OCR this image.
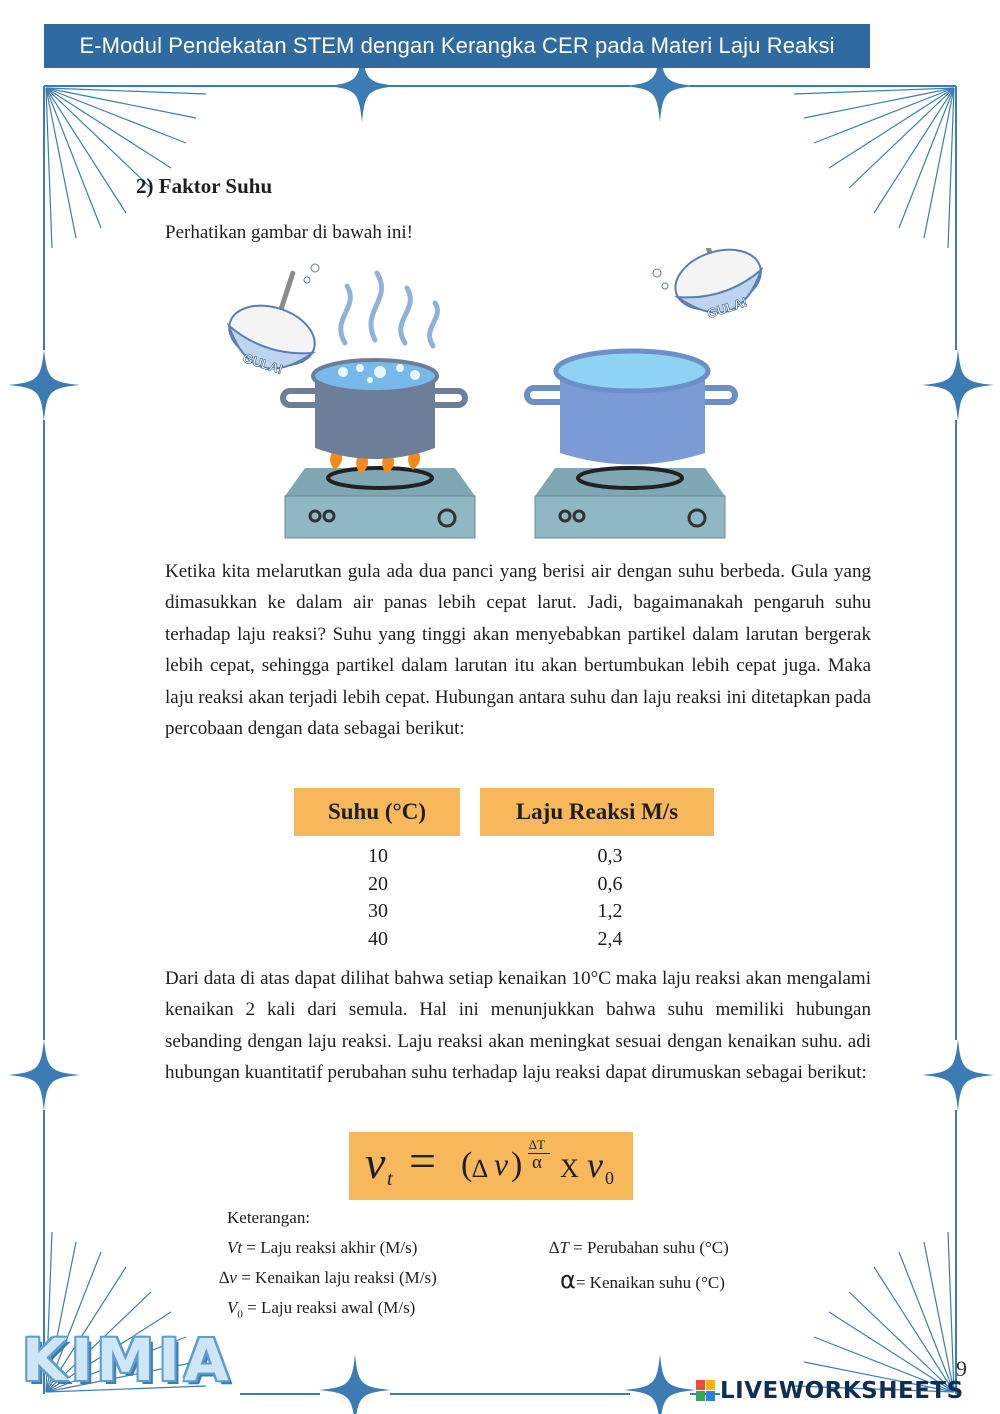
E-Modul Pendekatan STEM dengan Kerangka CER pada Materi Laju Reaksi
2) Faktor Suhu
Perhatikan gambar di bawah ini!
GULA!
GULA!
Ketika kita melarutkan gula ada dua panci yang berisi air dengan suhu berbeda. Gula yang dimasukkan ke dalam air panas lebih cepat larut. Jadi, bagaimanakah pengaruh suhu terhadap laju reaksi? Suhu yang tinggi akan menyebabkan partikel dalam larutan bergerak lebih cepat, sehingga partikel dalam larutan itu akan bertumbukan lebih cepat juga. Maka laju reaksi akan terjadi lebih cepat. Hubungan antara suhu dan laju reaksi ini ditetapkan pada percobaan dengan data sebagai berikut:
Suhu (°C)	Laju Reaksi M/s
10
20
30
40
0,3
0,6
1,2
2,4
Dari data di atas dapat dilihat bahwa setiap kenaikan 10°C maka laju reaksi akan mengalami kenaikan 2 kali dari semula. Hal ini menunjukkan bahwa suhu memiliki hubungan sebanding dengan laju reaksi. Laju reaksi akan meningkat sesuai dengan kenaikan suhu. adi hubungan kuantitatif perubahan suhu terhadap laju reaksi dapat dirumuskan sebagai berikut:
v t = ( ∆ v )
∆T
α X v 0
Keterangan:
Vt = Laju reaksi akhir (M/s)
∆v = Kenaikan laju reaksi (M/s)
$V_0$ = Laju reaksi awal (M/s)
∆T = Perubahan suhu (°C)
α= Kenaikan suhu (°C)
KIMIA	9
LIVEWORKSHEETS
